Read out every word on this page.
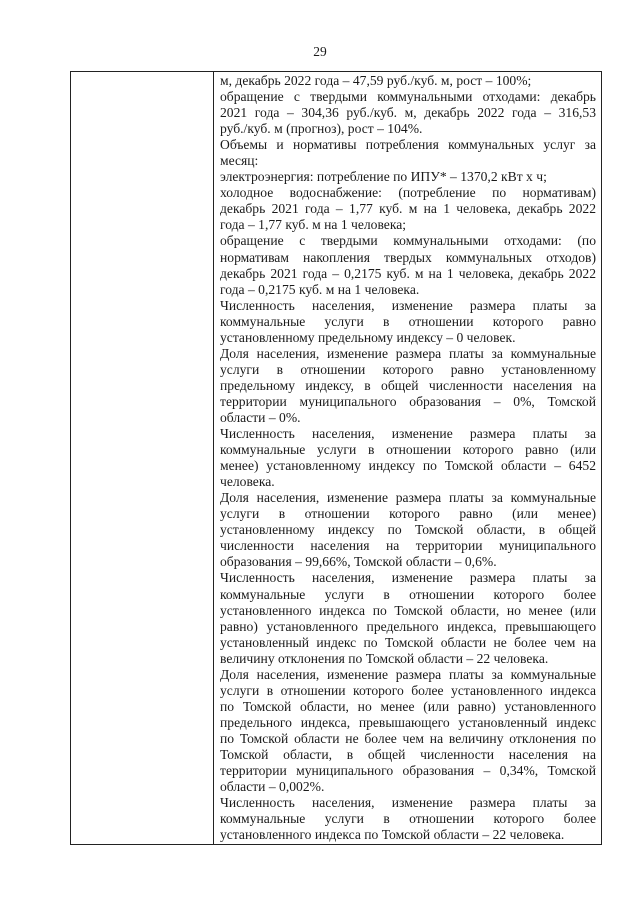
29
м, декабрь 2022 года – 47,59 руб./куб. м, рост – 100%;
обращение с твердыми коммунальными отходами: декабрь
2021 года – 304,36 руб./куб. м, декабрь 2022 года – 316,53
руб./куб. м (прогноз), рост – 104%.
Объемы и нормативы потребления коммунальных услуг за
месяц:
электроэнергия: потребление по ИПУ* – 1370,2 кВт х ч;
холодное водоснабжение: (потребление по нормативам)
декабрь 2021 года – 1,77 куб. м на 1 человека, декабрь 2022
года – 1,77 куб. м на 1 человека;
обращение с твердыми коммунальными отходами: (по
нормативам накопления твердых коммунальных отходов)
декабрь 2021 года – 0,2175 куб. м на 1 человека, декабрь 2022
года – 0,2175 куб. м на 1 человека.
Численность населения, изменение размера платы за
коммунальные услуги в отношении которого равно
установленному предельному индексу – 0 человек.
Доля населения, изменение размера платы за коммунальные
услуги в отношении которого равно установленному
предельному индексу, в общей численности населения на
территории муниципального образования – 0%, Томской
области – 0%.
Численность населения, изменение размера платы за
коммунальные услуги в отношении которого равно (или
менее) установленному индексу по Томской области – 6452
человека.
Доля населения, изменение размера платы за коммунальные
услуги в отношении которого равно (или менее)
установленному индексу по Томской области, в общей
численности населения на территории муниципального
образования – 99,66%, Томской области – 0,6%.
Численность населения, изменение размера платы за
коммунальные услуги в отношении которого более
установленного индекса по Томской области, но менее (или
равно) установленного предельного индекса, превышающего
установленный индекс по Томской области не более чем на
величину отклонения по Томской области – 22 человека.
Доля населения, изменение размера платы за коммунальные
услуги в отношении которого более установленного индекса
по Томской области, но менее (или равно) установленного
предельного индекса, превышающего установленный индекс
по Томской области не более чем на величину отклонения по
Томской области, в общей численности населения на
территории муниципального образования – 0,34%, Томской
области – 0,002%.
Численность населения, изменение размера платы за
коммунальные услуги в отношении которого более
установленного индекса по Томской области – 22 человека.
